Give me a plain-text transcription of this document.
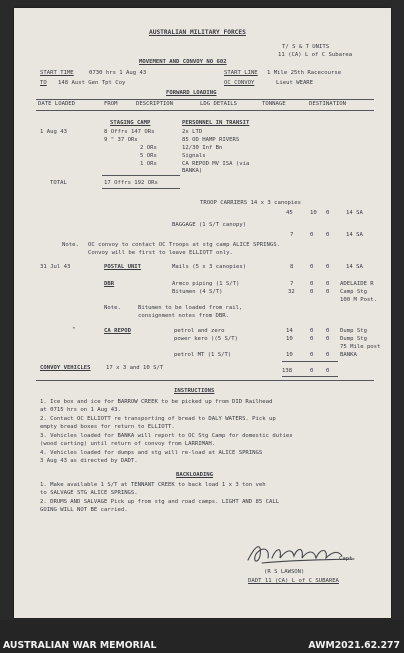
AUSTRALIAN MILITARY FORCES
T/ S & T UNITS
11 (CA) L of C Subarea
MOVEMENT AND CONVOY NO 602
START TIME	0730 hrs 1 Aug 43	START LINE 1 Mile 25th Racecourse
TO 148 Aust Gen Tpt Coy	OC CONVOY	Lieut WEARE
FORWARD LOADING
DATE LOADED	FROM	DESCRIPTION	LDG DETAILS	TONNAGE	DESTINATION
STAGING CAMP	PERSONNEL IN TRANSIT
1 Aug 43	8 Offrs 147 ORs	2x LTD
9 " 37 ORs	85 OD HAMP RIVERS
2 ORs	12/30 Inf Bn
5 ORs	Signals
1 ORs	CA REPOD MV ISA (via BANKA)
TOTAL	17 Offrs 192 ORs
TROOP CARRIERS 14 x 3 canopies
45	10 0	14 SA
BAGGAGE (1 S/T canopy)
7	0 0	14 SA
Note. OC convoy to contact OC Troops at stg camp ALICE SPRINGS.
Convoy will be first to leave ELLIOTT only.
31 Jul 43	POSTAL UNIT	Mails (5 x 3 canopies)	8	0 0	14 SA
DBR	Armco piping (1 S/T)	7	0 0 ADELAIDE R
Bitumen (4 S/T)	32	0 0 Camp Stg
100 M Post.
Note.	Bitumen to be loaded from rail,
consignment notes from DBR.
"	CA REPOD	petrol and zero	14	0 0 Dump Stg
power kero )(5 S/T)	10	0 0 Dump Stg
75 Mile post
petrol MT (1 S/T)	10	0 0 BANKA
CONVOY VEHICLES	17 x 3 and 10 S/T	138	0 0
INSTRUCTIONS
1. Ice box and ice for BARROW CREEK to be picked up from DID Railhead
at 0715 hrs on 1 Aug 43.
2. Contact OC ELLIOTT re transporting of bread to DALY WATERS. Pick up
empty bread boxes for return to ELLIOTT.
3. Vehicles loaded for BANKA will report to OC Stg Camp for domestic duties
(wood carting) until return of convoy from LARRIMAH.
4. Vehicles loaded for dumps and stg will re-load at ALICE SPRINGS
3 Aug 43 as directed by DADT.
BACKLOADING
1. Make available 1 S/T at TENNANT CREEK to back load 1 x 3 ton veh
to SALVAGE STG ALICE SPRINGS.
2. DRUMS AND SALVAGE Pick up from stg and road camps. LIGHT AND 85 CALL
GOING WILL NOT BE carried.
Capt
(R S LAWSON)
DADT 11 (CA) L of C SUBAREA
AUSTRALIAN WAR MEMORIAL	AWM2021.62.277
